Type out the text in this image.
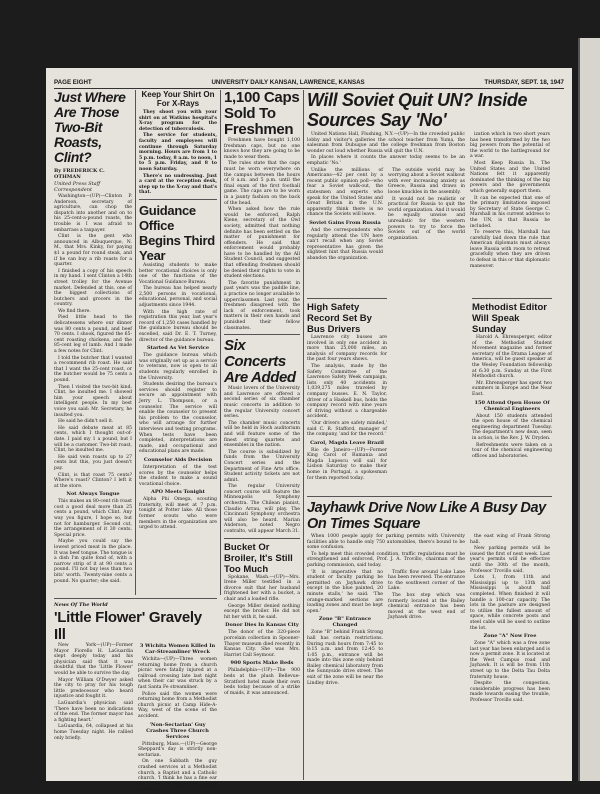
PAGE EIGHT	UNIVERSITY DAILY KANSAN, LAWRENCE, KANSAS	THURSDAY, SEPT. 18, 1947
Just Where Are Those Two-Bit Roasts, Clint?
By FREDERICK C. OTHMAN
United Press Staff Correspondent

Washington—(UP)—Clinton P. Anderson, secretary of agriculture, can chop the dispatch into another and on to his 25-cent-a-pound roasts, the trouble is I was afraid to embarrass a taxpayer.

Clint is the gent who announced in Albuquerque, N. M., that Mrs. Kinky, for paying $1 a pound for round steak, and if he can buy a rib roasts for a quarter.

I finished a copy of his speech in my hand. I sent Clinton a 14th street trolley for the Avenue market. Defended at this, one of the biggest collections of butchers and grocers in the country.

We find there.

Pied little head to the delicatessens where our dinner was 80 cents a pound, and beef 70 cents. I shook, figured the 65-cent roasting chickens, and the 85-cent leg of lamb. And I made a few notes for Clint.

I told the butcher that I wanted a recommend rib roast. He said that I want the 25-cent roast, or the butcher would be 75 cents a pound.

Then I visited the two-bit kind. Clint, he insulted me. I showed him your speech about intelligent people. In my best voice you said: Mr. Secretary, he insulted you.

He said he didn't sell it.

He said debate meat at 85 cents, which I thought out-of-date. I paid my 1 a pound, but I will be a customer. Two-bit roast, Clint, he insulted me.

He said vein roasts up to 27 cents but this, you just doesn't pay.

Clint, is that roast 75 cents? Where's roast? Clinton? I left it at the store.

Not Always Tongue

This makes an 80-cent rib roast cost a good deal more than 25 cents a pound, which Clint. Any way you figure, I hope so, but not for hamburger. Second cut, the arrangement of it 30 cents. Special price.

Maybe you could say the lowest priced meat in the place. It was beef tongue. The tongue is a dish I'm quite fond of, with a narrow strip of it at 90 cents a pound. I'll not buy less than two bits' worth. Twenty-nine cents a pound. No quarter; she said.

Keep Your Shirt On For X-Rays

They shoot you with your shirt on at Watkins hospital's X-ray program for the detection of tuberculosis.

The service for students, faculty and employees will continue through Saturday morning. Hours are from 1 to 5 p.m. today, 8 a.m. to noon, 1 to 5 p.m. Friday, and 8 to noon Saturday.

There's no undressing. Just a card at the reception desk, step up to the X-ray and that's that.

Guidance Office Begins Third Year

Assisting students to make better vocational choices is only one of the functions of the Vocational Guidance Bureau.

The bureau has helped nearly 2,500 persons in vocational, educational, personal, and social adjustments since 1944.

With the high rate of registration this year, last year's record of 1,250 cases handled by the guidance bureau should be excelled, said Dr. E. T. Turney, director of the guidance bureau.

Started As Vet Service

The guidance bureau which was originally set up as a service to veterans, now is open to all students regularly enrolled in the University.

Students desiring the bureau's services should register to secure an appointment with Jerry L. Thompson, or a counselor. The service will enable the counselor to present his problem to the counselor, who will arrange for further interviews and testing programs. When tests have been completed, interpretations are made, and occupational and educational plans are made.

Counselor Aids Decision

Interpretation of the test scores by the counselor helps the student to make a sound vocational choice.

APO Meets Tonight

Alpha Phi Omega, scouting fraternity, will meet at 7 p.m. tonight at Potter lake. All those former scouts who were members in the organization are urged to attend.

1,100 Caps Sold To Freshmen

Freshmen have bought 1,100 freshman caps, but no one knows how they are going to be made to wear them.

The rules state that the caps must be worn everywhere on the campus between the hours of 8 a.m. and 5 p.m. until the final exam of the first football game. The caps are to be worn in a jaunty fashion on the back of the head.

When asked how the rule would be enforced, Ralph Kiene, secretary of the Owl society, admitted that nothing definite has been settled on the matter of punishment for offenders. He said that enforcement would probably have to be handled by the All Student Council, and suggested that offending freshmen should be denied their rights to vote in student elections.

The favorite punishment in past years was the paddle line, a practice no longer available to upperclassmen. Last year, the freshmen disagreed with the lack of enforcement, took matters in their own hands and punished their fellow classmates.

Six Concerts Are Added

Music lovers of the University and Lawrence are offered a second series of six chamber music concerts in addition to the regular University concert series.

The chamber music concerts will be held in Hoch auditorium and will feature some of the finest string quartets and ensembles in the nation.

The course is subsidized by funds from the University Concert series and the Department of Fine Arts office. Student activity tickets are not admit.

The regular University concert course will feature the Minneapolis Symphony orchestra. The Chilean pianist, Claudio Arrau, will play. The Cincinnati Symphony orchestra will also be heard. Marian Anderson, noted Negro contralto, will appear March 31.

Bucket Or Broiler, It's Still Too Much

Spokane, Wash.—(UP)—Mrs. Irene Miller testified in a divorce suit that her husband frightened her with a bucket, a chair and a loaded rifle.

George Miller denied nothing except the broiler. He did not hit her with it, he said.

Donor Dies In Kansas City

The donor of the 320-piece porcelain collection in Spooner-Thayer museum died recently in Kansas City. She was Mrs. Harriet Call Seymour.

900 Sports Make Beds

Philadelphia—(UP)—The 900 beds at the plush Bellevue-Stratford hotel made their own beds today because of a strike of maids, it was announced.

News Of The World
'Little Flower' Gravely Ill

New York—(UP)—Former Mayor Fiorello H. LaGuardia slept deeply today and his physician said that it was doubtful that the 'Little Flower' would be able to survive the day.

Mayor William O'Dwyer asked the city to pray for his tough little predecessor who heard injustice and fought it.

LaGuardia's physician said 'There have been no indications of the end. The former mayor has a fighting heart.'

LaGuardia, 64, collapsed at his home Tuesday night. He rallied only briefly.

3 Wichita Women Killed In Car-Streamliner Wreck

Wichita—(UP)—Three women returning home from a church picnic were fatally injured at a railroad crossing late last night when their car was struck by a fast Santa Fe streamliner.

Police said the women were returning home from a Methodist church picnic at Camp Hide-A-Way, west of the scene of the accident.

'Non-Sectarian' Guy Crashes Three Church Services

Pittsburg, Mass.—(UP)—George Sheppard's day is strictly non-sectarian.

On one Sabbath the guy crashed services at a Methodist church, a Baptist and a Catholic church. 'I think he has a fine ear for organ music,' his pastor commented.

Will Soviet Quit UN? Inside Sources Say 'No'

United Nations Hall, Flushing, N.Y.—(UP)—In the crowded public lobby and visitor's galleries the school teacher from Yuma, the salesman from Dubuque and the college freshman from Boston wonder out loud whether Russia will quit the U.N.

In places where it counts the answer today seems to be an emphatic 'No.'

Unlike the millions of Americans—42 per cent by a recent public opinion poll—who fear a Soviet walk-out, the statesmen and experts who speak for the United States and Great Britain in the U.N. apparently think there is no chance the Soviets will leave.

Soviet Gains From Russia

And the correspondents who regularly attend the UN here can't recall when any Soviet representative has given the slightest hint that Russia would abandon the organization.

The outside world may be worrying about a Soviet walkout with ever increasing anxiety as Greece, Russia and draws in loose knuckles in the assembly.

It would not be realistic or practical for Russia to quit the world organization. And it would be equally unwise and unrealistic for the western powers to try to force the Soviets out of the world organization.

ization which in two short years has been transformed by the two big powers from the potential of the world to the battleground for a war.

Most Keep Russia In. The United States and the United Nations felt it apparently dominated the thinking of the big powers and the governments which generally support them.

It can be expected that one of the primary limitations imposed by Secretary of State George C. Marshall in his current address to the UN, is that Russia be included.

To reserve this, Marshall has carefully laid down the rule that American diplomats must always leave Russia with room to retreat gracefully when they are driven to defeat in this or that diplomatic maneuver.

High Safety Record Set By Bus Drivers

Lawrence city busses are involved in only one accident in more than 25,000 miles, an analysis of company records for the past four years shows.

The analysis, made by the Safety Committee of the Lawrence Safety Week campaign, lists only 40 accidents in 1,039,275 miles traveled by company busses. E. N. Taylor, driver of a Haskell bus, holds the company record with nine years of driving without a chargeable accident.

'Our drivers are safety minded,' said C. R. Stafford, manager of the company, 'and for the record.'

Carol, Magda Leave Brazil

Rio de Janeiro—(UP)—Former King Carol of Rumania and Magda Lupescu will sail for Lisbon Saturday to make their home in Portugal, a spokesman for them reported today.

Methodist Editor Will Speak Sunday

Harold A. Ehrensperger, editor of the Methodist Student Movement magazine and former secretary of the Drama League of America, will be guest speaker at the Wesley Foundation fellowship at 6:30 p.m. Sunday at the First Methodist church.

Mr. Ehrensperger has spent two summers in Europe and the Near East.

150 Attend Open House Of Chemical Engineers

About 150 students attended the open house of the chemical engineering department Tuesday. The department's new dean, seen in action, is the Rev. J. W. Dryden.

Refreshments were taken on a tour of the chemical engineering offices and laboratories.

Jayhawk Drive Now Like A Busy Day On Times Square

When 1000 people apply for parking permits with University facilities able to handle only 750 automobiles, there's bound to be some confusion.

To help meet this crowded condition, traffic regulations must be strengthened and enforced, Prof. J. A. Trovillo, chairman of the parking commission, said today.

'It is imperative that no student or faculty parking be permitted on Jayhawk drive except in the blue painted, 20 minute stalls,' he said. 'The orange-marked sections are loading zones and must be kept open.'

Zone "B" Entrance Changed

Zone "B" behind Frank Strong hall has certain restrictions. During rush hours from 7:45 to 8:15 a.m. and from 12:45 to 1:05 p.m., entrance will be made into this zone only behind Bailey chemical laboratory from the Sunnyside drive street. The exit of the zone will be near the Lindley drive.

Traffic flow around Lake Lane has been reversed. The entrance to the southwest corner of the Lake.

The box step which was formerly located at the Bailey chemical entrance has been moved at the west end of Jayhawk drive.

the east wing of Frank Strong hall.

New parking permits will be issued the first of next week. Last year's permits will be effective until the 30th of the month, Professor Trovillo said.

Lots 1, from 11th and Mississippi up to 13th and Mississippi is about half completed. When finished it will handle a 100-car capacity. The lots in the pasture are designed to utilize the fullest amount of space, while concrete posts and steel cable will be used to outline the lot.

Zone "A" Now Free

Zone "A" which was a free zone last year has been enlarged and is now a permit zone. It is located at the West Campus road and Jayhawk. It is will be from 11th street up to the Delta Tau Delta fraternity house.

Despite the congestion, considerable progress has been made towards easing the trouble, Professor Trovillo said.
